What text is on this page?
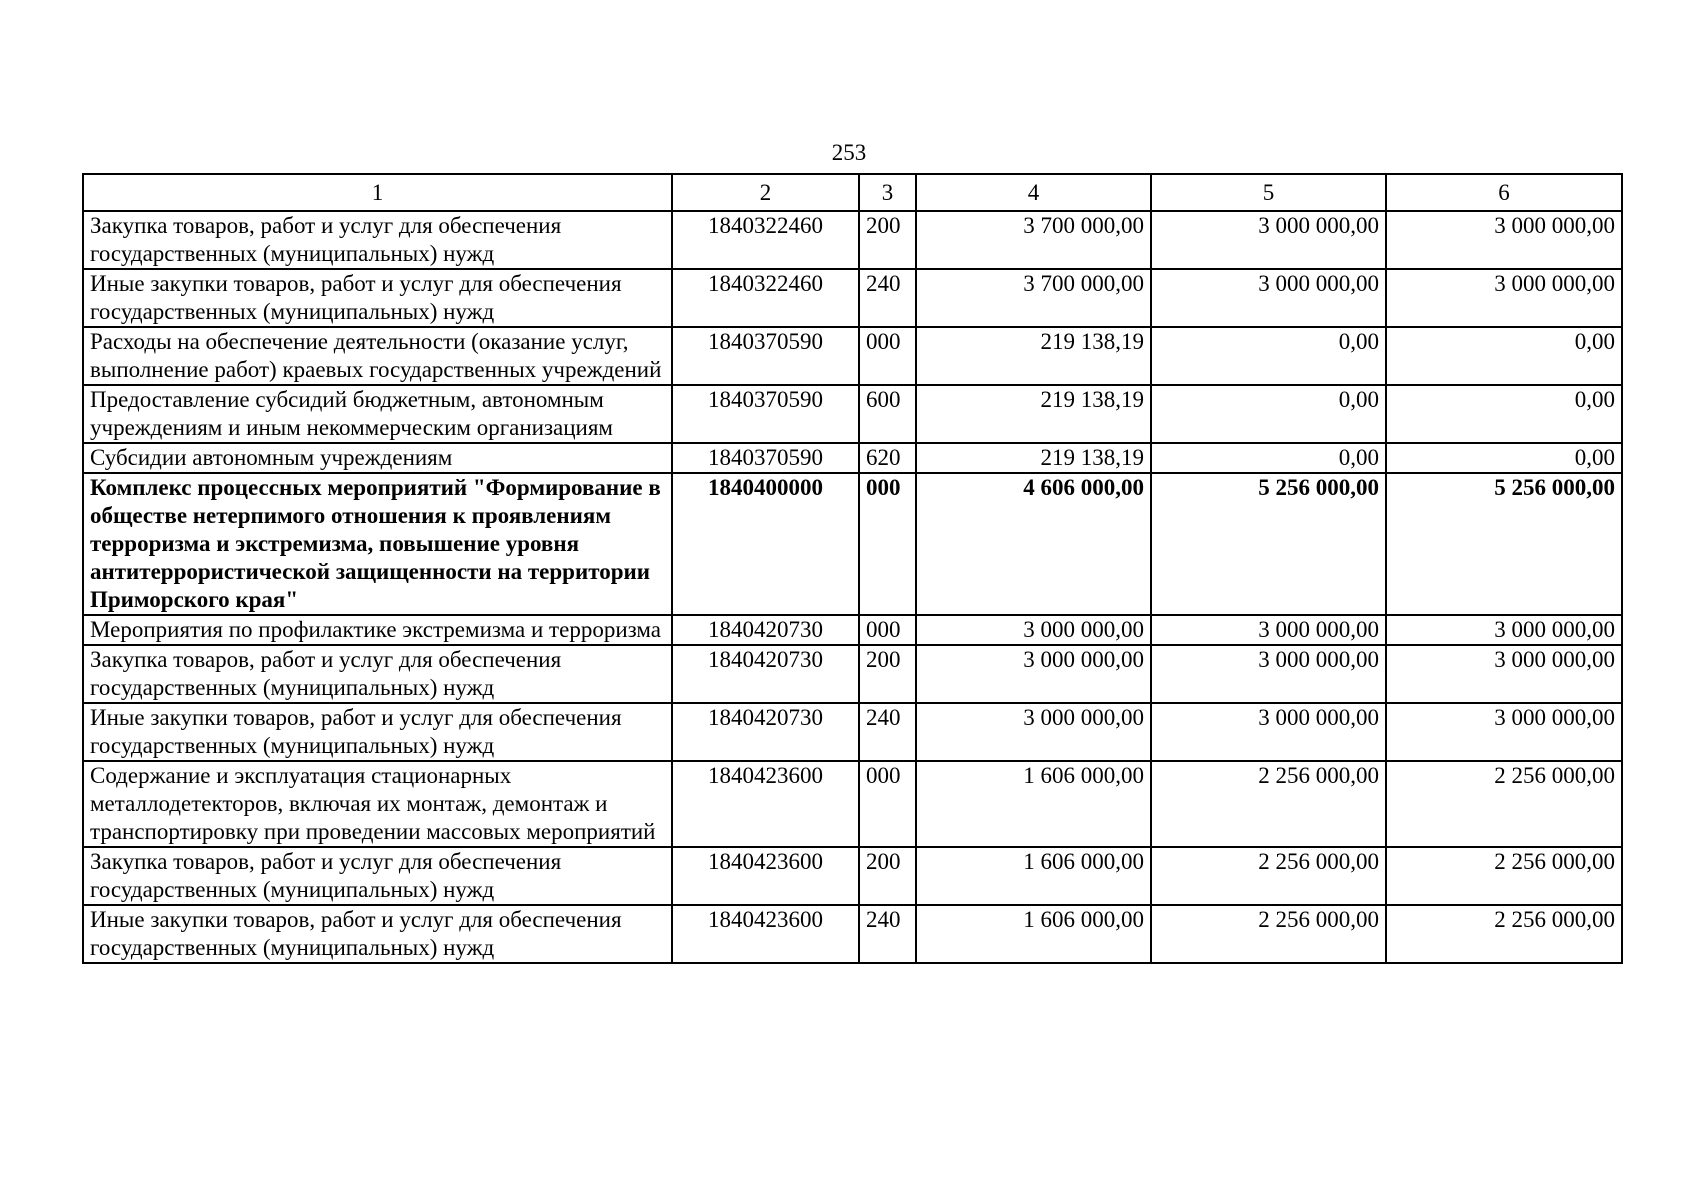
253
1	2	3	4	5	6
Закупка товаров, работ и услуг для обеспечения государственных (муниципальных) нужд	1840322460	200	3 700 000,00	3 000 000,00	3 000 000,00
Иные закупки товаров, работ и услуг для обеспечения государственных (муниципальных) нужд	1840322460	240	3 700 000,00	3 000 000,00	3 000 000,00
Расходы на обеспечение деятельности (оказание услуг, выполнение работ) краевых государственных учреждений	1840370590	000	219 138,19	0,00	0,00
Предоставление субсидий бюджетным, автономным учреждениям и иным некоммерческим организациям	1840370590	600	219 138,19	0,00	0,00
Субсидии автономным учреждениям	1840370590	620	219 138,19	0,00	0,00
Комплекс процессных мероприятий "Формирование в обществе нетерпимого отношения к проявлениям терроризма и экстремизма, повышение уровня антитеррористической защищенности на территории Приморского края"	1840400000	000	4 606 000,00	5 256 000,00	5 256 000,00
Мероприятия по профилактике экстремизма и терроризма	1840420730	000	3 000 000,00	3 000 000,00	3 000 000,00
Закупка товаров, работ и услуг для обеспечения государственных (муниципальных) нужд	1840420730	200	3 000 000,00	3 000 000,00	3 000 000,00
Иные закупки товаров, работ и услуг для обеспечения государственных (муниципальных) нужд	1840420730	240	3 000 000,00	3 000 000,00	3 000 000,00
Содержание и эксплуатация стационарных металлодетекторов, включая их монтаж, демонтаж и транспортировку при проведении массовых мероприятий	1840423600	000	1 606 000,00	2 256 000,00	2 256 000,00
Закупка товаров, работ и услуг для обеспечения государственных (муниципальных) нужд	1840423600	200	1 606 000,00	2 256 000,00	2 256 000,00
Иные закупки товаров, работ и услуг для обеспечения государственных (муниципальных) нужд	1840423600	240	1 606 000,00	2 256 000,00	2 256 000,00
